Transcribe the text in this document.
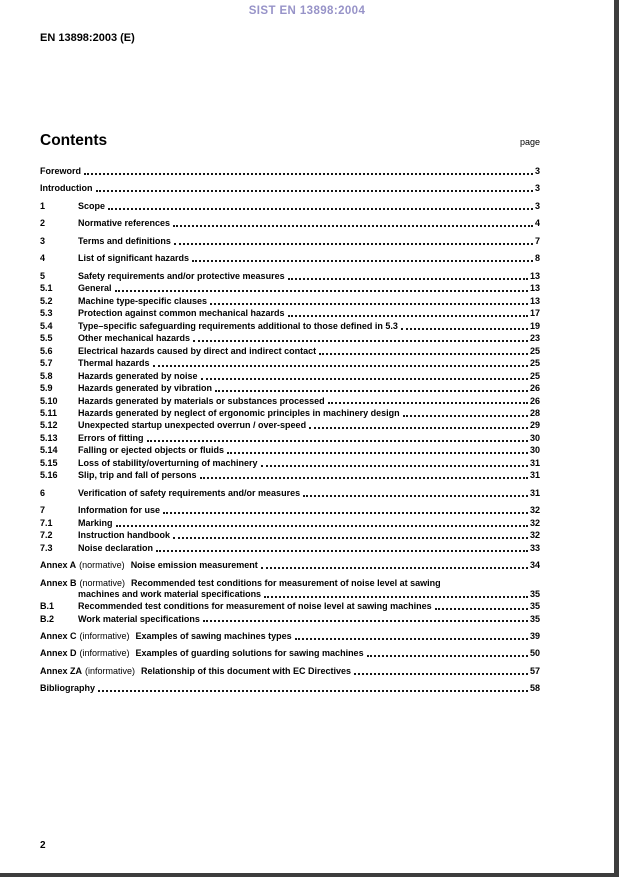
SIST EN 13898:2004
EN 13898:2003 (E)
Contents	page
Foreword	3
Introduction	3
1	Scope	3
2	Normative references	4
3	Terms and definitions	7
4	List of significant hazards	8
5	Safety requirements and/or protective measures	13
5.1	General	13
5.2	Machine type-specific clauses	13
5.3	Protection against common mechanical hazards	17
5.4	Type–specific safeguarding requirements additional to those defined in 5.3	19
5.5	Other mechanical hazards	23
5.6	Electrical hazards caused by direct and indirect contact	25
5.7	Thermal hazards	25
5.8	Hazards generated by noise	25
5.9	Hazards generated by vibration	26
5.10	Hazards generated by materials or substances processed	26
5.11	Hazards generated by neglect of ergonomic principles in machinery design	28
5.12	Unexpected startup unexpected overrun / over-speed	29
5.13	Errors of fitting	30
5.14	Falling or ejected objects or fluids	30
5.15	Loss of stability/overturning of machinery	31
5.16	Slip, trip and fall of persons	31
6	Verification of safety requirements and/or measures	31
7	Information for use	32
7.1	Marking	32
7.2	Instruction handbook	32
7.3	Noise declaration	33
Annex A (normative) Noise emission measurement	34
Annex B (normative) Recommended test conditions for measurement of noise level at sawing
machines and work material specifications	35
B.1	Recommended test conditions for measurement of noise level at sawing machines	35
B.2	Work material specifications	35
Annex C (informative) Examples of sawing machines types	39
Annex D (informative) Examples of guarding solutions for sawing machines	50
Annex ZA (informative) Relationship of this document with EC Directives	57
Bibliography	58
2
